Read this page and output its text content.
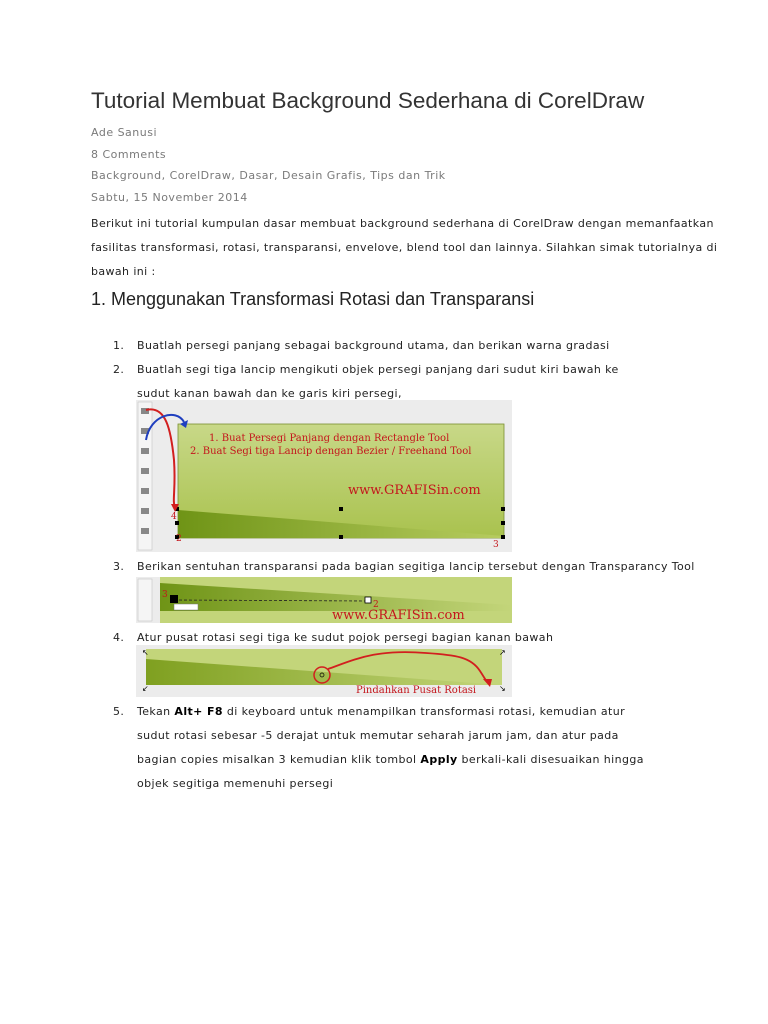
Tutorial Membuat Background Sederhana di CorelDraw

Ade Sanusi

8 Comments

Background, CorelDraw, Dasar, Desain Grafis, Tips dan Trik

Sabtu, 15 November 2014

Berikut ini tutorial kumpulan dasar membuat background sederhana di CorelDraw dengan memanfaatkan fasilitas transformasi, rotasi, transparansi, envelove, blend tool dan lainnya. Silahkan simak tutorialnya di bawah ini :

1. Menggunakan Transformasi Rotasi dan Transparansi
1. Buatlah persegi panjang sebagai background utama, dan berikan warna gradasi
2. Buatlah segi tiga lancip mengikuti objek persegi panjang dari sudut kiri bawah ke sudut kanan bawah dan ke garis kiri persegi,
1. Buat Persegi Panjang dengan Rectangle Tool
2. Buat Segi tiga Lancip dengan Bezier / Freehand Tool
www.GRAFISin.com
4
2
3
3. Berikan sentuhan transparansi pada bagian segitiga lancip tersebut dengan Transparancy Tool
www.GRAFISin.com
3
2
4. Atur pusat rotasi segi tiga ke sudut pojok persegi bagian kanan bawah
↖	↗
↙	↘
Pindahkan Pusat Rotasi
5. Tekan Alt+ F8 di keyboard untuk menampilkan transformasi rotasi, kemudian atur sudut rotasi sebesar -5 derajat untuk memutar seharah jarum jam, dan atur pada bagian copies misalkan 3 kemudian klik tombol Apply berkali-kali disesuaikan hingga objek segitiga memenuhi persegi
